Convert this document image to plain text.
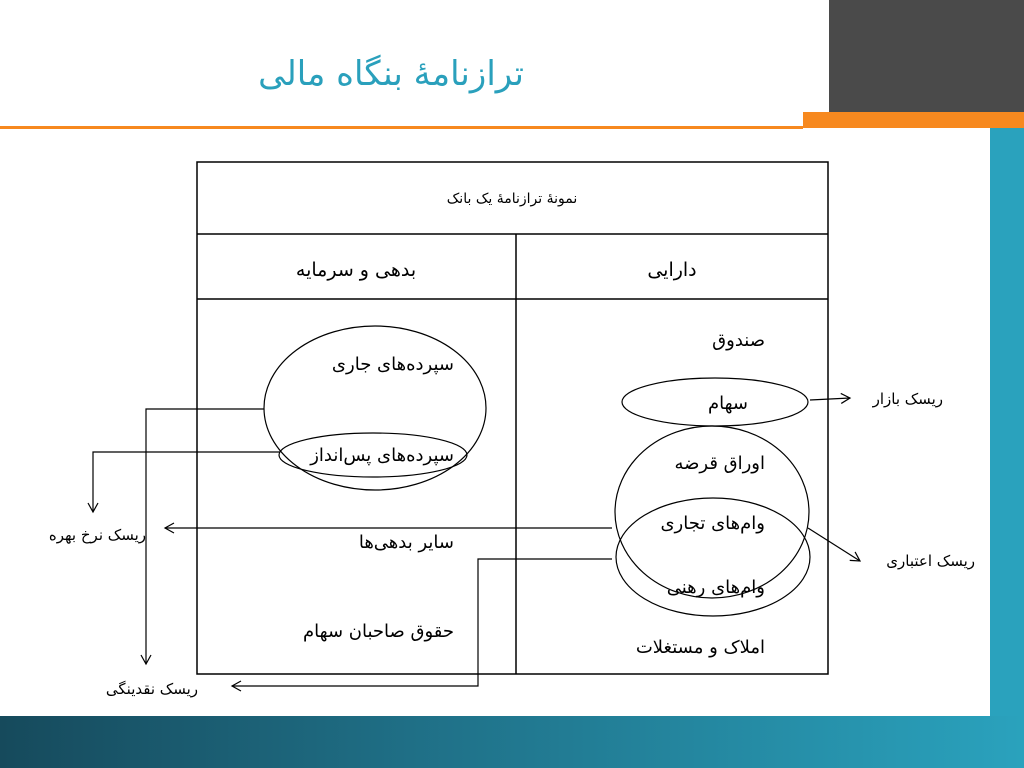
ترازنامۀ بنگاه مالی
نمونۀ ترازنامۀ یک بانک
بدهی و سرمایه	دارایی
صندوق
سهام
اوراق قرضه
وام‌های تجاری
وام‌های رهنی
املاک و مستغلات
سپرده‌های جاری
سپرده‌های پس‌انداز
سایر بدهی‌ها
حقوق صاحبان سهام
ریسک بازار
ریسک اعتباری
ریسک نرخ بهره
ریسک نقدینگی
